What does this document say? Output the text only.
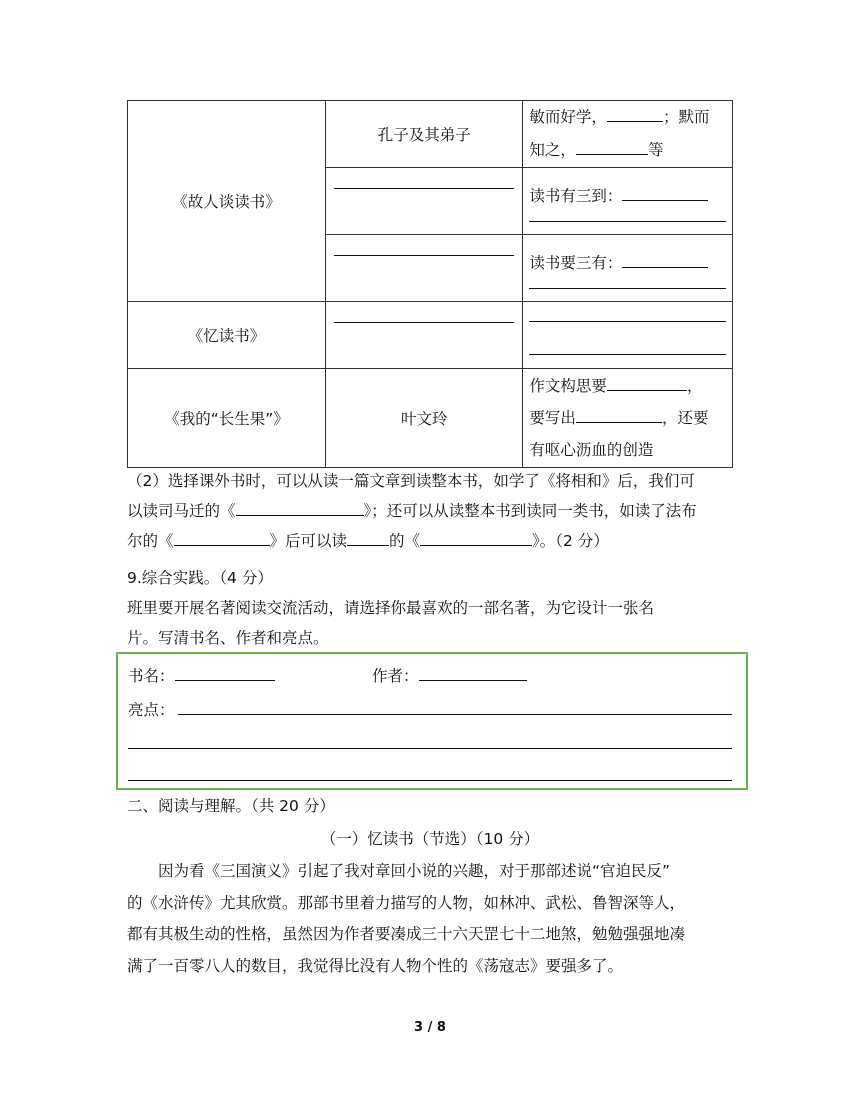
《故人谈读书》	孔子及其弟子	敏而好学， ；默而
知之， 等

		读书有三到：

		读书要三有：

《忆读书》	

《我的“长生果”》	叶文玲	作文构思要 ，
要写出 ，还要
有呕心沥血的创造
（2）选择课外书时，可以从读一篇文章到读整本书，如学了《将相和》后，我们可
以读司马迁的《	》；还可以从读整本书到读同一类书，如读了法布
尔的《	》后可以读	的《	》。（2 分）
9.综合实践。（4 分）
班里要开展名著阅读交流活动，请选择你最喜欢的一部名著，为它设计一张名
片。写清书名、作者和亮点。
书名：	作者：
亮点：
二、阅读与理解。（共 20 分）
（一）忆读书（节选）（10 分）
因为看《三国演义》引起了我对章回小说的兴趣，对于那部述说“官迫民反”
的《水浒传》尤其欣赏。那部书里着力描写的人物，如林冲、武松、鲁智深等人，
都有其极生动的性格，虽然因为作者要凑成三十六天罡七十二地煞，勉勉强强地凑
满了一百零八人的数目，我觉得比没有人物个性的《荡寇志》要强多了。
3 / 8
